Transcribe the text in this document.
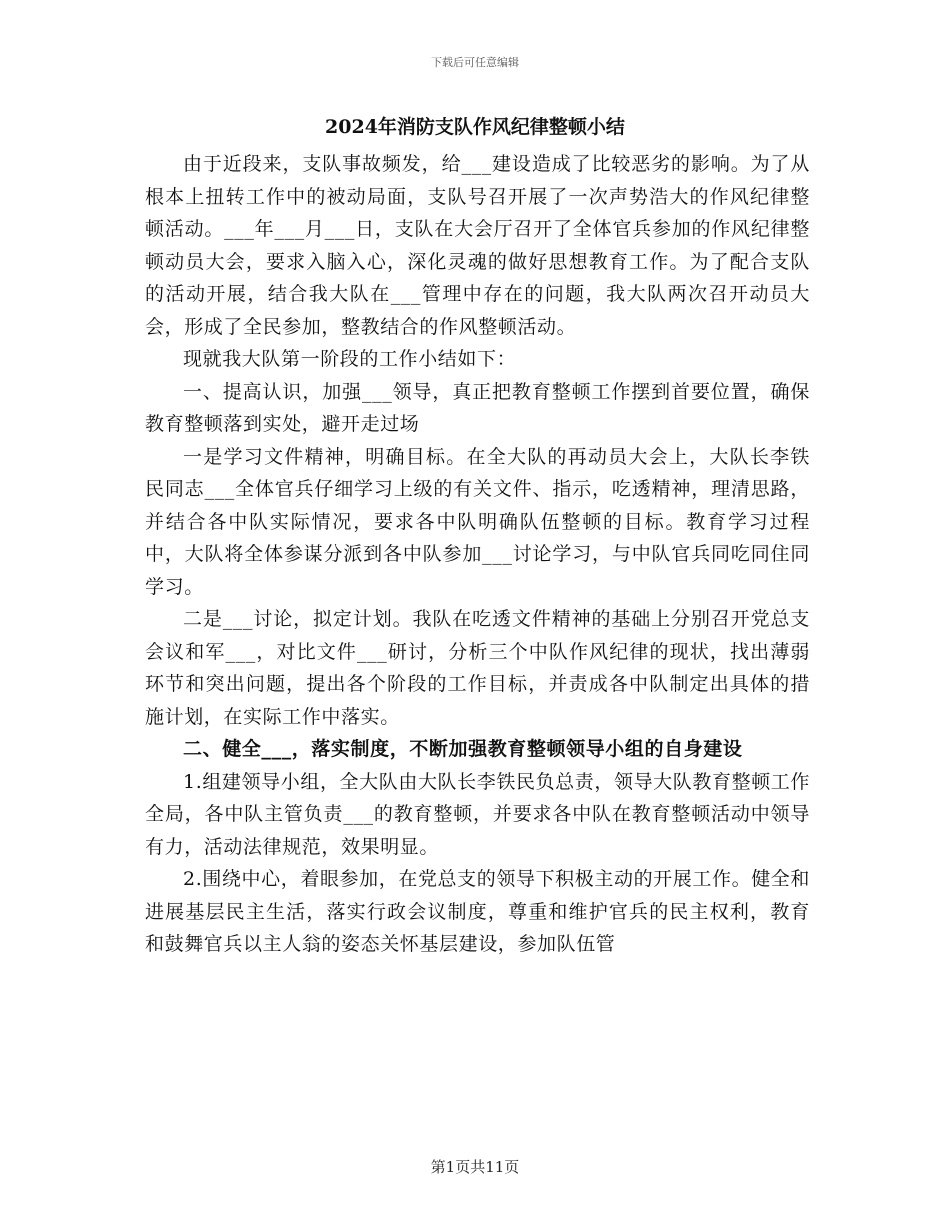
下载后可任意编辑
2024年消防支队作风纪律整顿小结

由于近段来，支队事故频发，给___建设造成了比较恶劣的影响。为了从根本上扭转工作中的被动局面，支队号召开展了一次声势浩大的作风纪律整顿活动。___年___月___日，支队在大会厅召开了全体官兵参加的作风纪律整顿动员大会，要求入脑入心，深化灵魂的做好思想教育工作。为了配合支队的活动开展，结合我大队在___管理中存在的问题，我大队两次召开动员大会，形成了全民参加，整教结合的作风整顿活动。

现就我大队第一阶段的工作小结如下：

一、提高认识，加强___领导，真正把教育整顿工作摆到首要位置，确保教育整顿落到实处，避开走过场

一是学习文件精神，明确目标。在全大队的再动员大会上，大队长李铁民同志___全体官兵仔细学习上级的有关文件、指示，吃透精神，理清思路，并结合各中队实际情况，要求各中队明确队伍整顿的目标。教育学习过程中，大队将全体参谋分派到各中队参加___讨论学习，与中队官兵同吃同住同学习。

二是___讨论，拟定计划。我队在吃透文件精神的基础上分别召开党总支会议和军___，对比文件___研讨，分析三个中队作风纪律的现状，找出薄弱环节和突出问题，提出各个阶段的工作目标，并责成各中队制定出具体的措施计划，在实际工作中落实。

二、健全___，落实制度，不断加强教育整顿领导小组的自身建设

1.组建领导小组，全大队由大队长李铁民负总责，领导大队教育整顿工作全局，各中队主管负责___的教育整顿，并要求各中队在教育整顿活动中领导有力，活动法律规范，效果明显。

2.围绕中心，着眼参加，在党总支的领导下积极主动的开展工作。健全和进展基层民主生活，落实行政会议制度，尊重和维护官兵的民主权利，教育和鼓舞官兵以主人翁的姿态关怀基层建设，参加队伍管

第1页共11页
